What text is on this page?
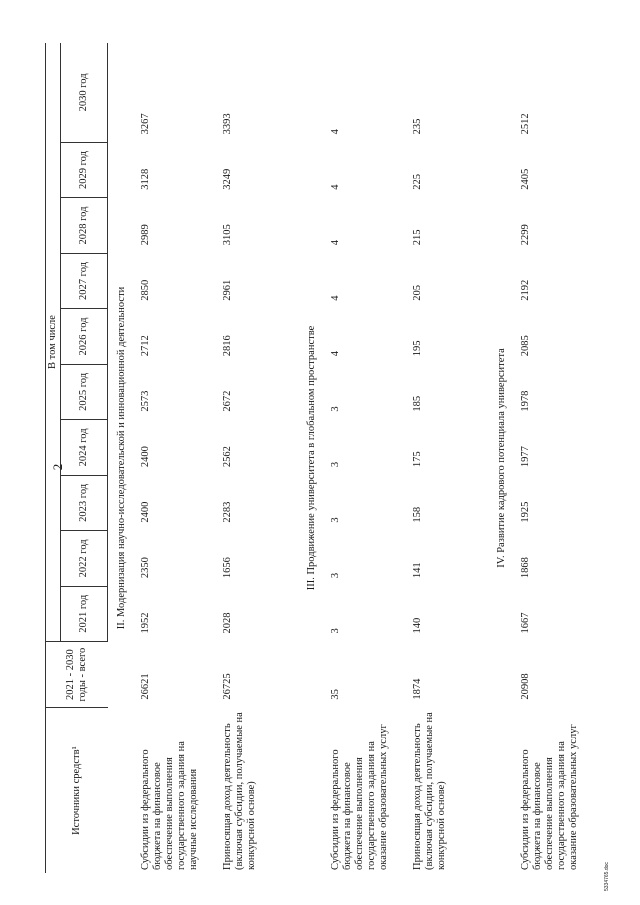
2
Источники средств¹	2021 - 2030 годы - всего	В том числе									
		2021 год	2022 год	2023 год	2024 год	2025 год	2026 год	2027 год	2028 год	2029 год	2030 год
II. Модернизация научно-исследовательской и инновационной деятельности											
Субсидии из федерального бюджета на финансовое обеспечение выполнения государственного задания на научные исследования	26621	1952	2350	2400	2400	2573	2712	2850	2989	3128	3267
Приносящая доход деятельность (включая субсидии, получаемые на конкурсной основе)	26725	2028	1656	2283	2562	2672	2816	2961	3105	3249	3393
III. Продвижение университета в глобальном пространстве											
Субсидии из федерального бюджета на финансовое обеспечение выполнения государственного задания на оказание образовательных услуг	35	3	3	3	3	3	4	4	4	4	4
Приносящая доход деятельность (включая субсидии, получаемые на конкурсной основе)	1874	140	141	158	175	185	195	205	215	225	235
IV. Развитие кадрового потенциала университета											
Субсидии из федерального бюджета на финансовое обеспечение выполнения государственного задания на оказание образовательных услуг	20908	1667	1868	1925	1977	1978	2085	2192	2299	2405	2512
5334765.doc
